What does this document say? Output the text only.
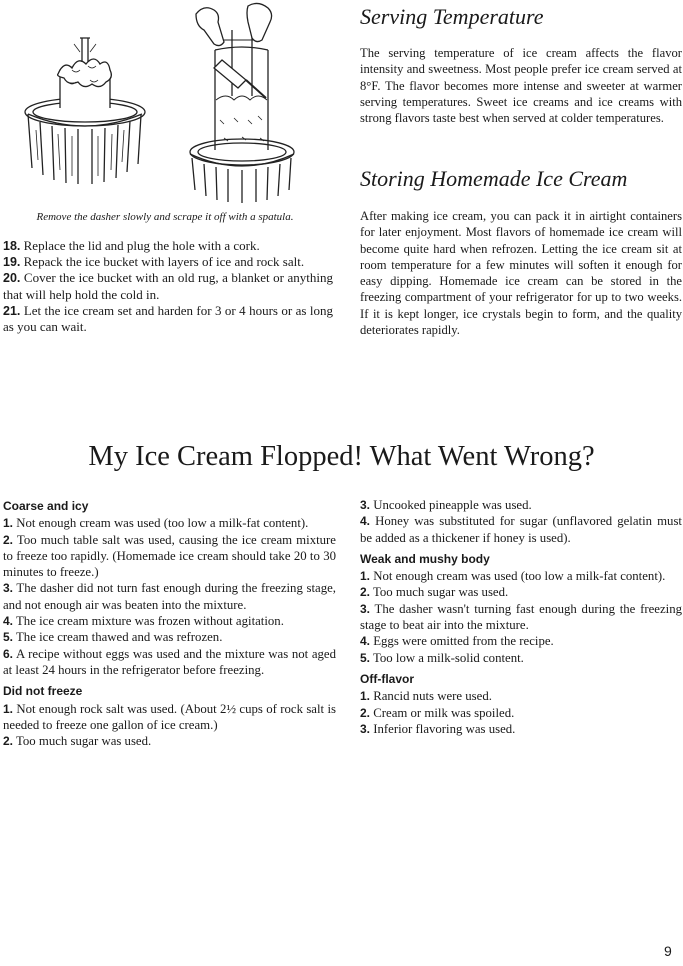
Remove the dasher slowly and scrape it off with a spatula.

18. Replace the lid and plug the hole with a cork.

19. Repack the ice bucket with layers of ice and rock salt.

20. Cover the ice bucket with an old rug, a blanket or anything that will help hold the cold in.

21. Let the ice cream set and harden for 3 or 4 hours or as long as you can wait.

Serving Temperature

The serving temperature of ice cream affects the flavor intensity and sweetness. Most people prefer ice cream served at 8°F. The flavor becomes more intense and sweeter at warmer serving temperatures. Sweet ice creams and ice creams with strong flavors taste best when served at colder temperatures.

Storing Homemade Ice Cream

After making ice cream, you can pack it in airtight containers for later enjoyment. Most flavors of homemade ice cream will become quite hard when refrozen. Letting the ice cream sit at room temperature for a few minutes will soften it enough for easy dipping. Homemade ice cream can be stored in the freezing compartment of your refrigerator for up to two weeks. If it is kept longer, ice crystals begin to form, and the quality deteriorates rapidly.

My Ice Cream Flopped! What Went Wrong?
Coarse and icy

1. Not enough cream was used (too low a milk-fat content).

2. Too much table salt was used, causing the ice cream mixture to freeze too rapidly. (Homemade ice cream should take 20 to 30 minutes to freeze.)

3. The dasher did not turn fast enough during the freezing stage, and not enough air was beaten into the mixture.

4. The ice cream mixture was frozen without agitation.

5. The ice cream thawed and was refrozen.

6. A recipe without eggs was used and the mixture was not aged at least 24 hours in the refrigerator before freezing.

Did not freeze

1. Not enough rock salt was used. (About 2½ cups of rock salt is needed to freeze one gallon of ice cream.)

2. Too much sugar was used.

3. Uncooked pineapple was used.

4. Honey was substituted for sugar (unflavored gelatin must be added as a thickener if honey is used).

Weak and mushy body

1. Not enough cream was used (too low a milk-fat content).

2. Too much sugar was used.

3. The dasher wasn't turning fast enough during the freezing stage to beat air into the mixture.

4. Eggs were omitted from the recipe.

5. Too low a milk-solid content.

Off-flavor

1. Rancid nuts were used.

2. Cream or milk was spoiled.

3. Inferior flavoring was used.

9
